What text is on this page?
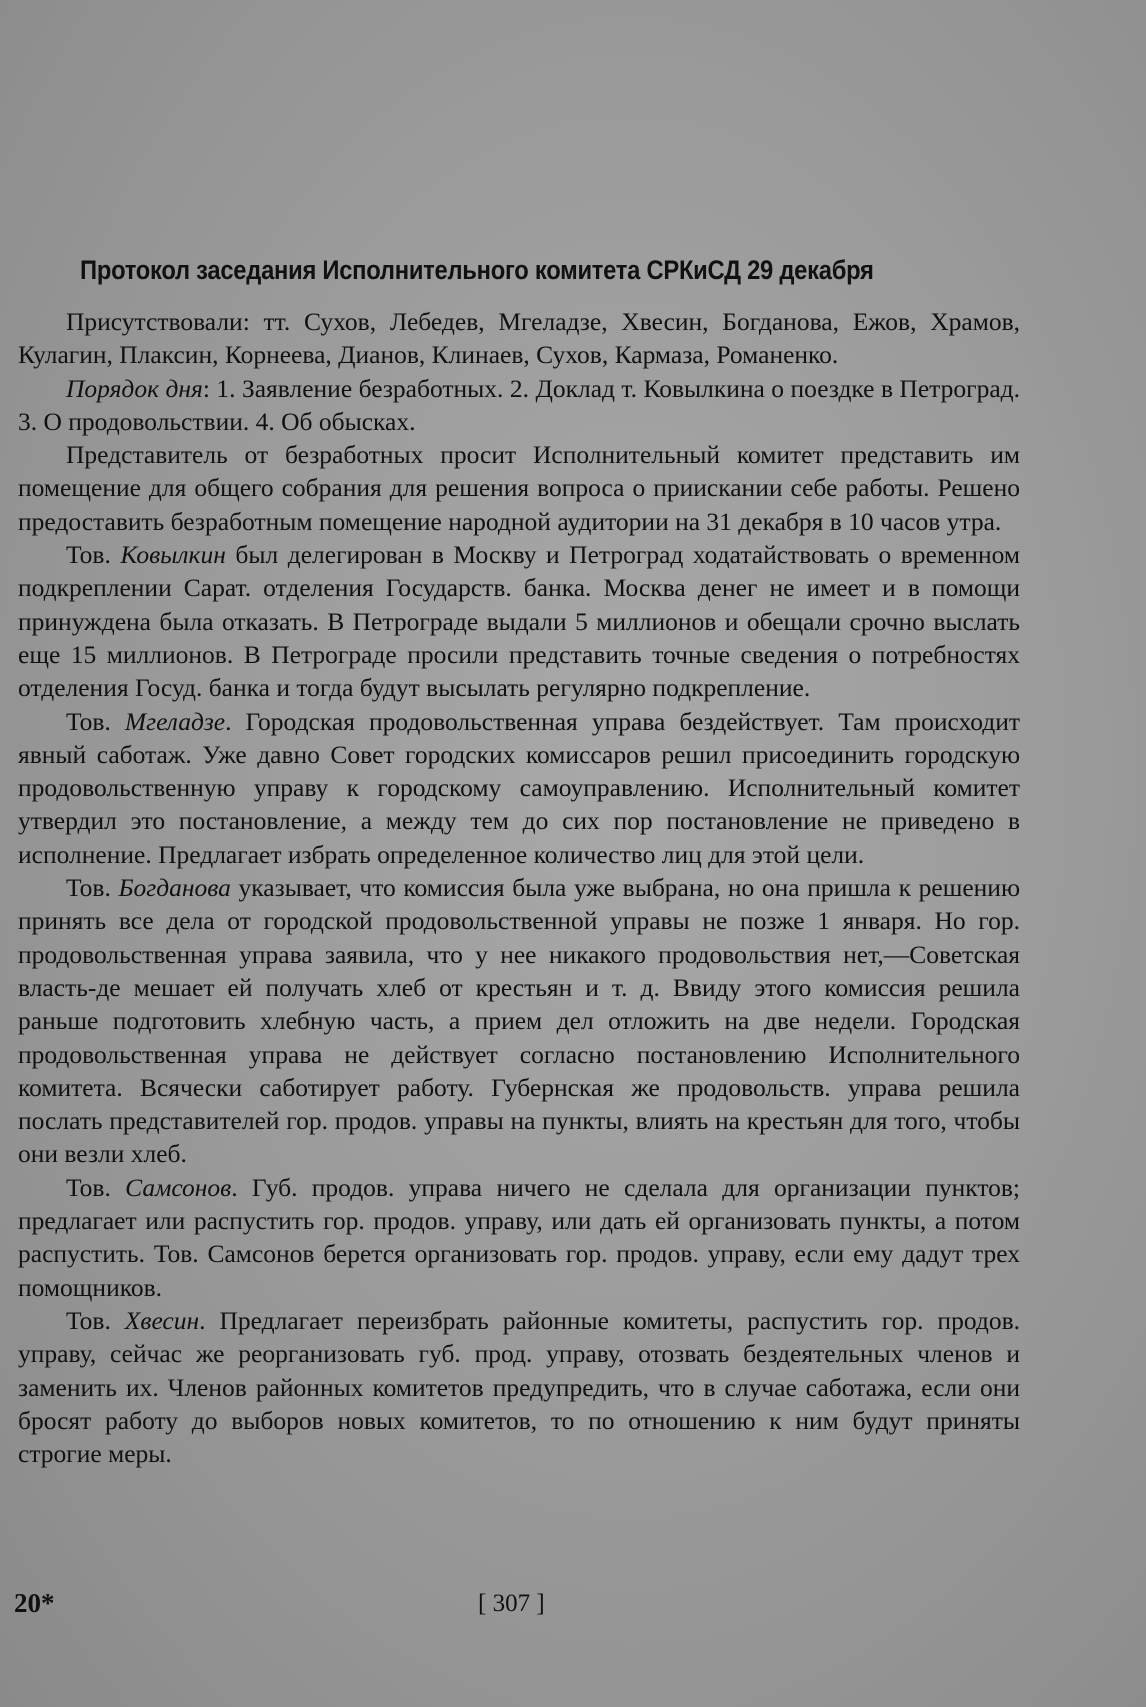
Протокол заседания Исполнительного комитета СРКиСД 29 декабря

Присутствовали: тт. Сухов, Лебедев, Мгеладзе, Хвесин, Богданова, Ежов, Храмов, Кулагин, Плаксин, Корнеева, Дианов, Клинаев, Сухов, Кармаза, Романенко.

Порядок дня: 1. Заявление безработных. 2. Доклад т. Ковылкина о поездке в Петроград. 3. О продовольствии. 4. Об обысках.

Представитель от безработных просит Исполнительный комитет представить им помещение для общего собрания для решения вопроса о приискании себе работы. Решено предоставить безработным помещение народной аудитории на 31 декабря в 10 часов утра.

Тов. Ковылкин был делегирован в Москву и Петроград ходатайствовать о временном подкреплении Сарат. отделения Государств. банка. Москва денег не имеет и в помощи принуждена была отказать. В Петрограде выдали 5 миллионов и обещали срочно выслать еще 15 миллионов. В Петрограде просили представить точные сведения о потребностях отделения Госуд. банка и тогда будут высылать регулярно подкрепление.

Тов. Мгеладзе. Городская продовольственная управа бездействует. Там происходит явный саботаж. Уже давно Совет городских комиссаров решил присоединить городскую продовольственную управу к городскому самоуправлению. Исполнительный комитет утвердил это постановление, а между тем до сих пор постановление не приведено в исполнение. Предлагает избрать определенное количество лиц для этой цели.

Тов. Богданова указывает, что комиссия была уже выбрана, но она пришла к решению принять все дела от городской продовольственной управы не позже 1 января. Но гор. продовольственная управа заявила, что у нее никакого продовольствия нет,—Советская власть-де мешает ей получать хлеб от крестьян и т. д. Ввиду этого комиссия решила раньше подготовить хлебную часть, а прием дел отложить на две недели. Городская продовольственная управа не действует согласно постановлению Исполнительного комитета. Всячески саботирует работу. Губернская же продовольств. управа решила послать представителей гор. продов. управы на пункты, влиять на крестьян для того, чтобы они везли хлеб.

Тов. Самсонов. Губ. продов. управа ничего не сделала для организации пунктов; предлагает или распустить гор. продов. управу, или дать ей организовать пункты, а потом распустить. Тов. Самсонов берется организовать гор. продов. управу, если ему дадут трех помощников.

Тов. Хвесин. Предлагает переизбрать районные комитеты, распустить гор. продов. управу, сейчас же реорганизовать губ. прод. управу, отозвать бездеятельных членов и заменить их. Членов районных комитетов предупредить, что в случае саботажа, если они бросят работу до выборов новых комитетов, то по отношению к ним будут приняты строгие меры.

20*	[ 307 ]
